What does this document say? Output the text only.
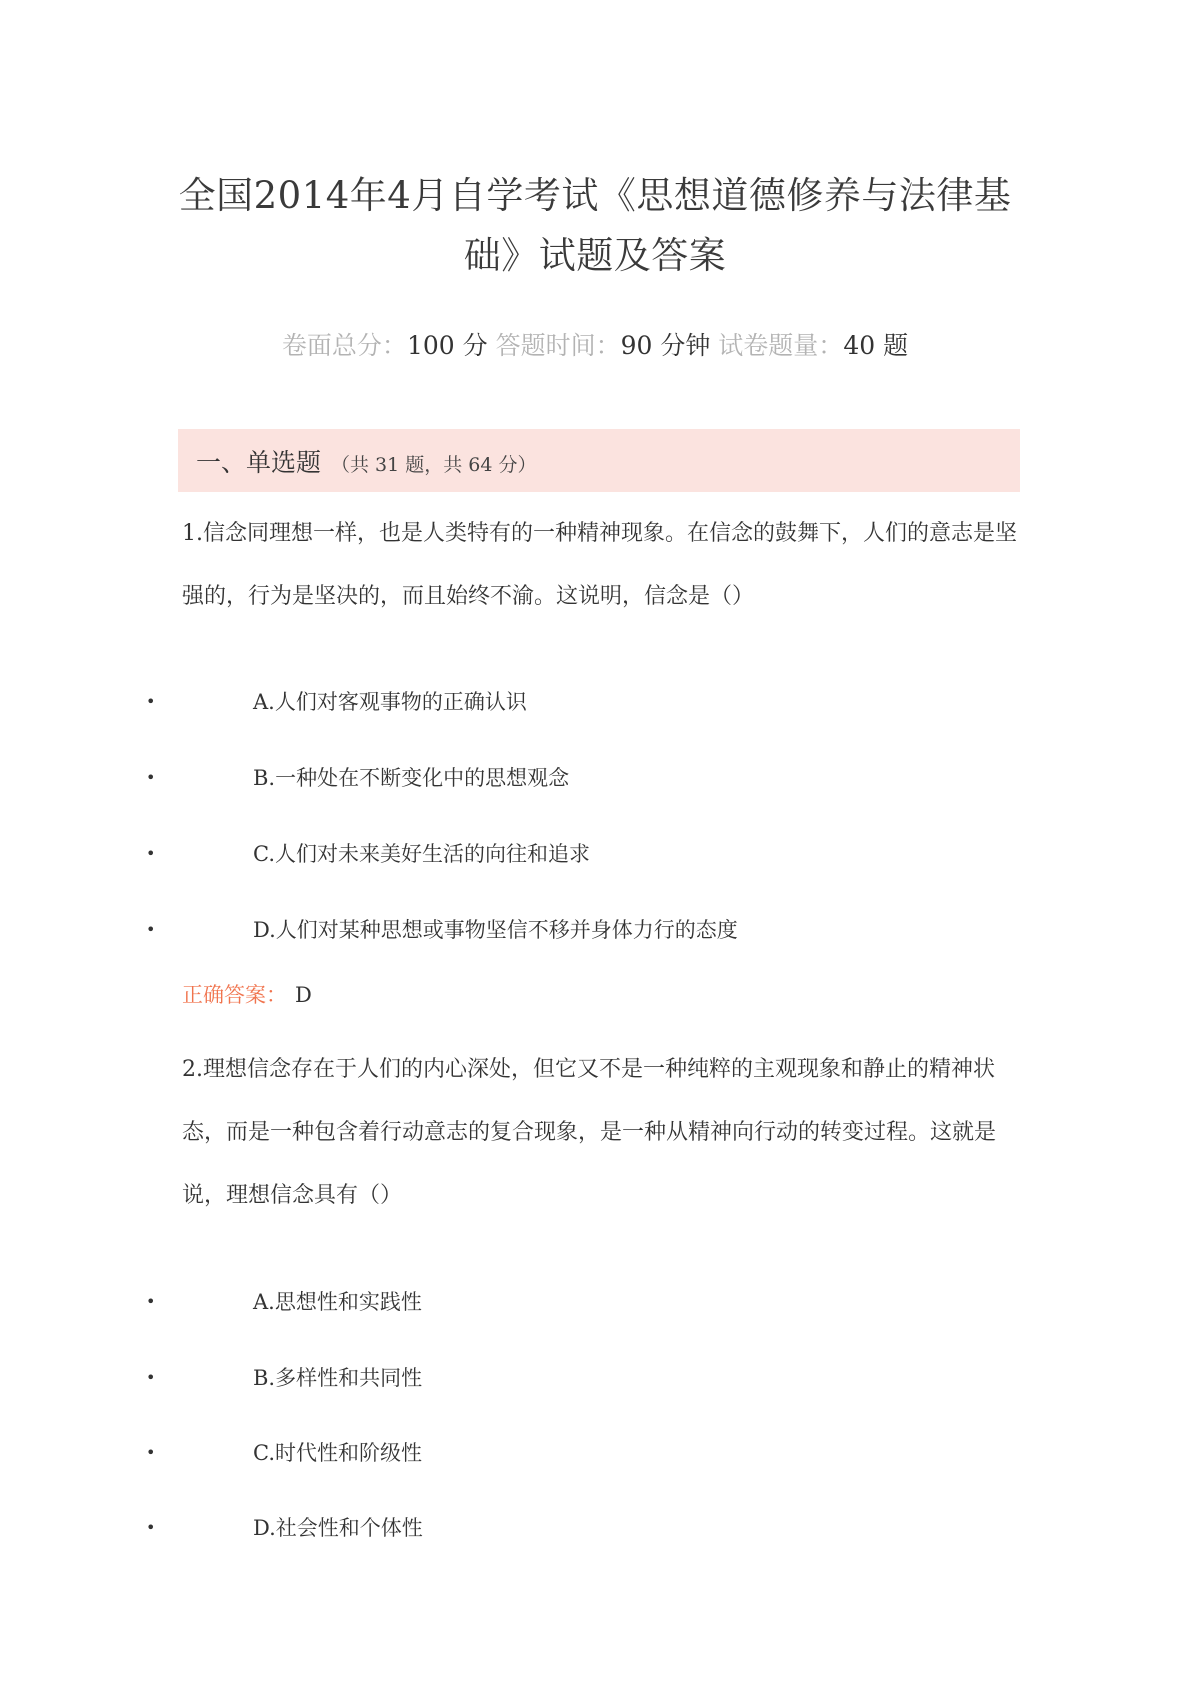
全国2014年4月自学考试《思想道德修养与法律基础》试题及答案
卷面总分：100 分 答题时间：90 分钟 试卷题量：40 题
一、单选题 （共 31 题，共 64 分）
1.信念同理想一样，也是人类特有的一种精神现象。在信念的鼓舞下，人们的意志是坚强的，行为是坚决的，而且始终不渝。这说明，信念是（）
•	A.人们对客观事物的正确认识
•	B.一种处在不断变化中的思想观念
•	C.人们对未来美好生活的向往和追求
•	D.人们对某种思想或事物坚信不移并身体力行的态度
正确答案： D
2.理想信念存在于人们的内心深处，但它又不是一种纯粹的主观现象和静止的精神状态，而是一种包含着行动意志的复合现象，是一种从精神向行动的转变过程。这就是说，理想信念具有（）
•	A.思想性和实践性
•	B.多样性和共同性
•	C.时代性和阶级性
•	D.社会性和个体性
